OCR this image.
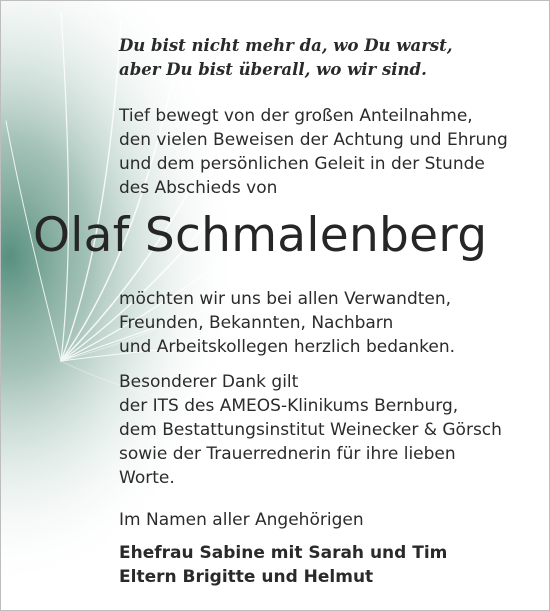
Du bist nicht mehr da, wo Du warst,
aber Du bist überall, wo wir sind.
Tief bewegt von der großen Anteilnahme,
den vielen Beweisen der Achtung und Ehrung
und dem persönlichen Geleit in der Stunde
des Abschieds von
Olaf Schmalenberg
möchten wir uns bei allen Verwandten,
Freunden, Bekannten, Nachbarn
und Arbeitskollegen herzlich bedanken.
Besonderer Dank gilt
der ITS des AMEOS-Klinikums Bernburg,
dem Bestattungsinstitut Weinecker & Görsch
sowie der Trauerrednerin für ihre lieben
Worte.
Im Namen aller Angehörigen
Ehefrau Sabine mit Sarah und Tim
Eltern Brigitte und Helmut
